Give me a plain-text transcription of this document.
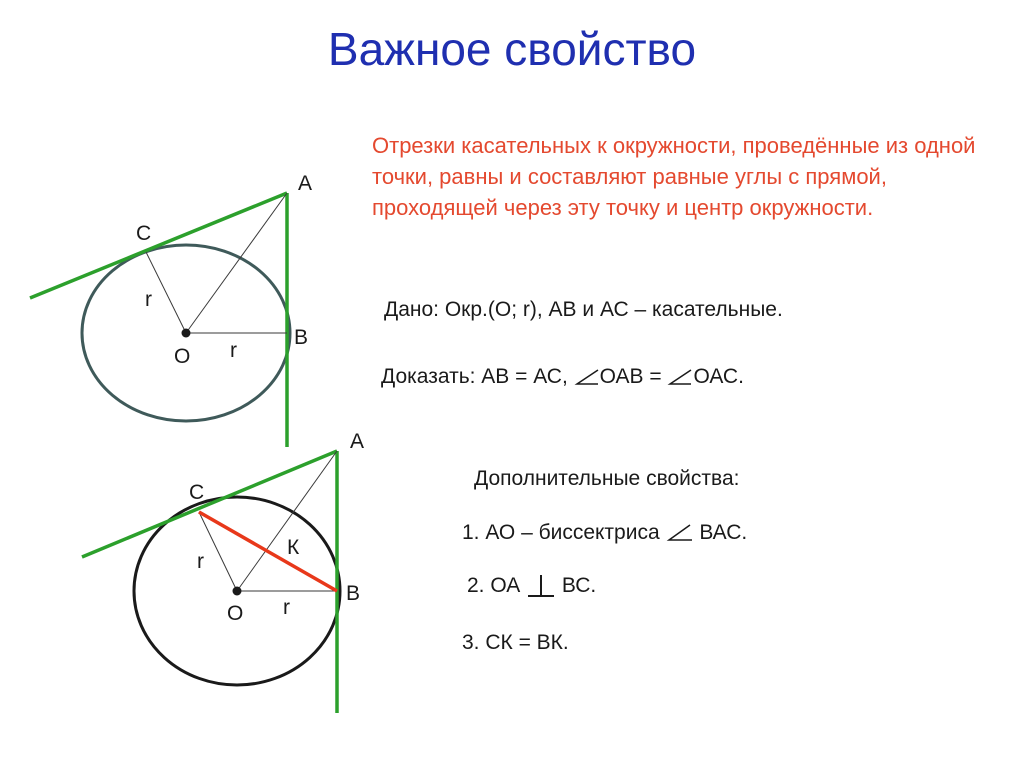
Важное свойство
Отрезки касательных к окружности, проведённые из одной точки, равны и составляют равные углы с прямой, проходящей через эту точку и центр окружности.
Дано: Окр.(О; r), АВ и АС – касательные.
Доказать: АВ = АС, ОАВ = ОАС.
Дополнительные свойства:
1. АО – биссектриса ВАС.
2. ОА ВС.
3. СК = ВК.
А
С
r
В
О r
А
С
К
r
В
О r
